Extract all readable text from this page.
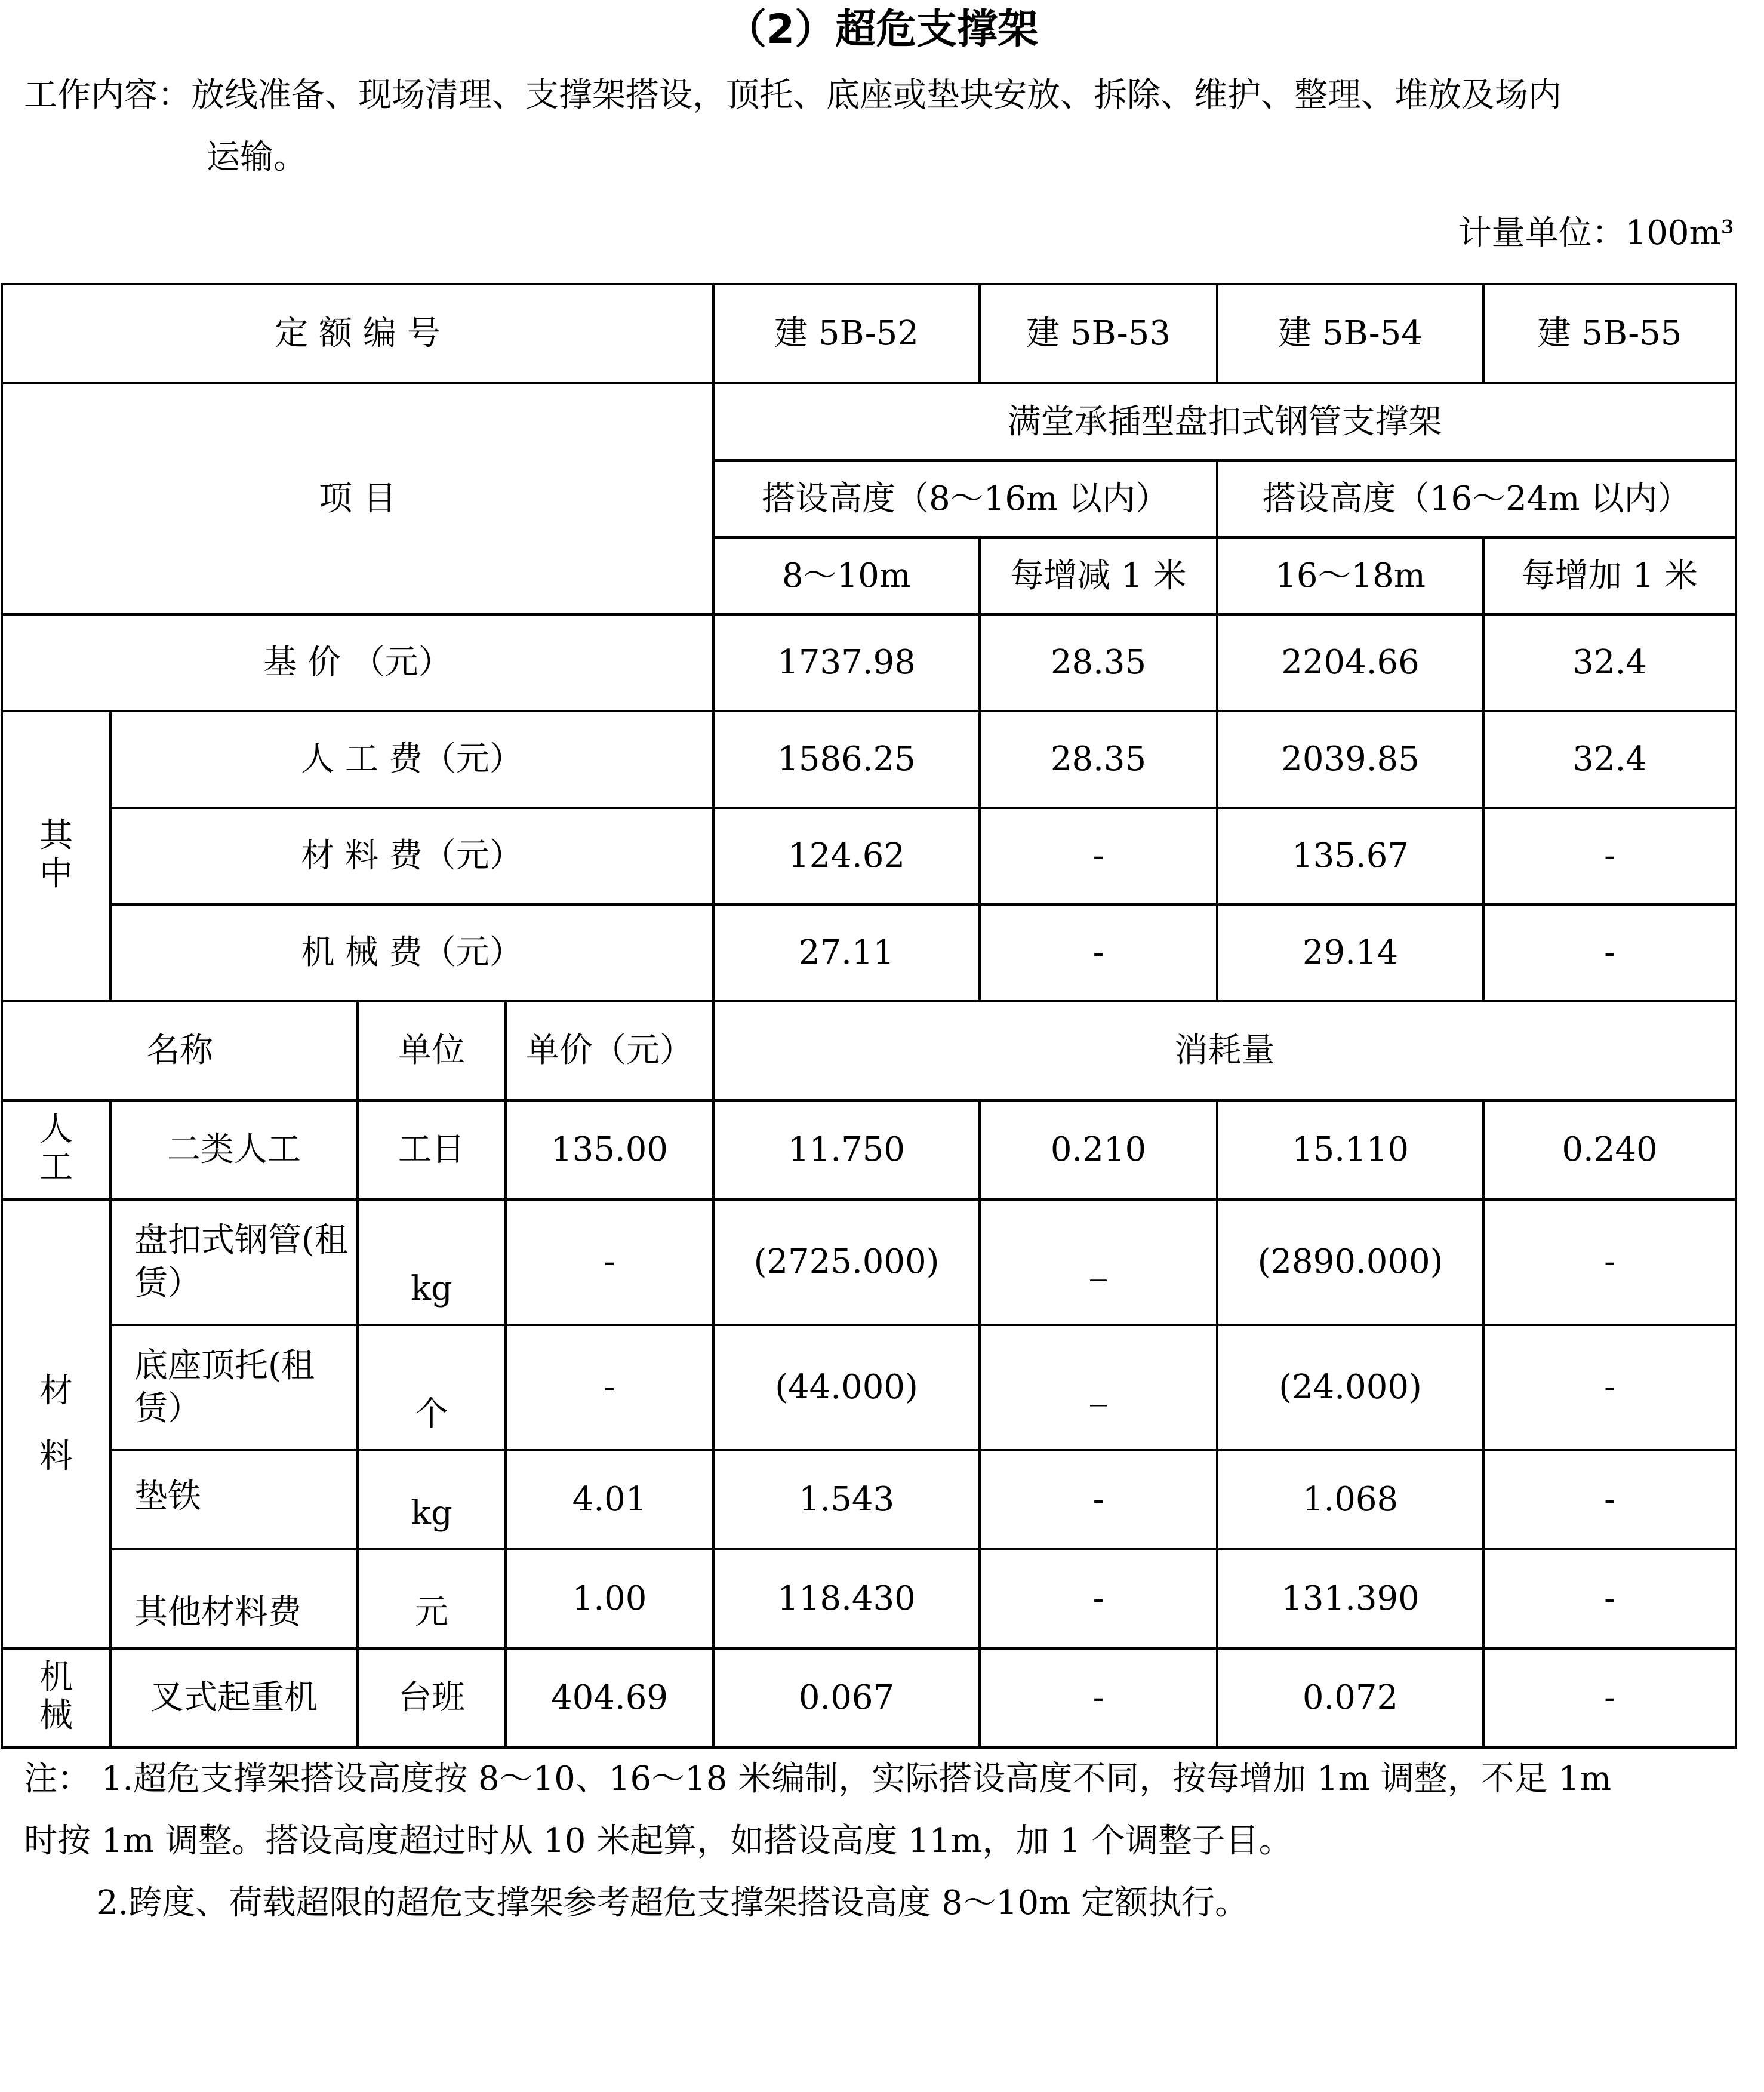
（2）超危支撑架
工作内容：放线准备、现场清理、支撑架搭设，顶托、底座或垫块安放、拆除、维护、整理、堆放及场内
运输。
计量单位：100m³
定 额 编 号				建 5B-52	建 5B-53	建 5B-54	建 5B-55
项 目				满堂承插型盘扣式钢管支撑架			
				搭设高度（8～16m 以内）		搭设高度（16～24m 以内）	
				8～10m	每增减 1 米	16～18m	每增加 1 米
基 价 （元）				1737.98	28.35	2204.66	32.4
其中	人 工 费（元）			1586.25	28.35	2039.85	32.4
	材 料 费（元）			124.62	-	135.67	-
	机 械 费（元）			27.11	-	29.14	-
名称		单位	单价（元）	消耗量			
人工	二类人工	工日	135.00	11.750	0.210	15.110	0.240
材料	盘扣式钢管(租赁）	kg	-	(2725.000)	_	(2890.000)	-
	底座顶托(租赁）	个	-	(44.000)	_	(24.000)	-
	垫铁	kg	4.01	1.543	-	1.068	-
	其他材料费	元	1.00	118.430	-	131.390	-
机械	叉式起重机	台班	404.69	0.067	-	0.072	-
注： 1.超危支撑架搭设高度按 8～10、16～18 米编制，实际搭设高度不同，按每增加 1m 调整，不足 1m
时按 1m 调整。搭设高度超过时从 10 米起算，如搭设高度 11m，加 1 个调整子目。
2.跨度、荷载超限的超危支撑架参考超危支撑架搭设高度 8～10m 定额执行。
